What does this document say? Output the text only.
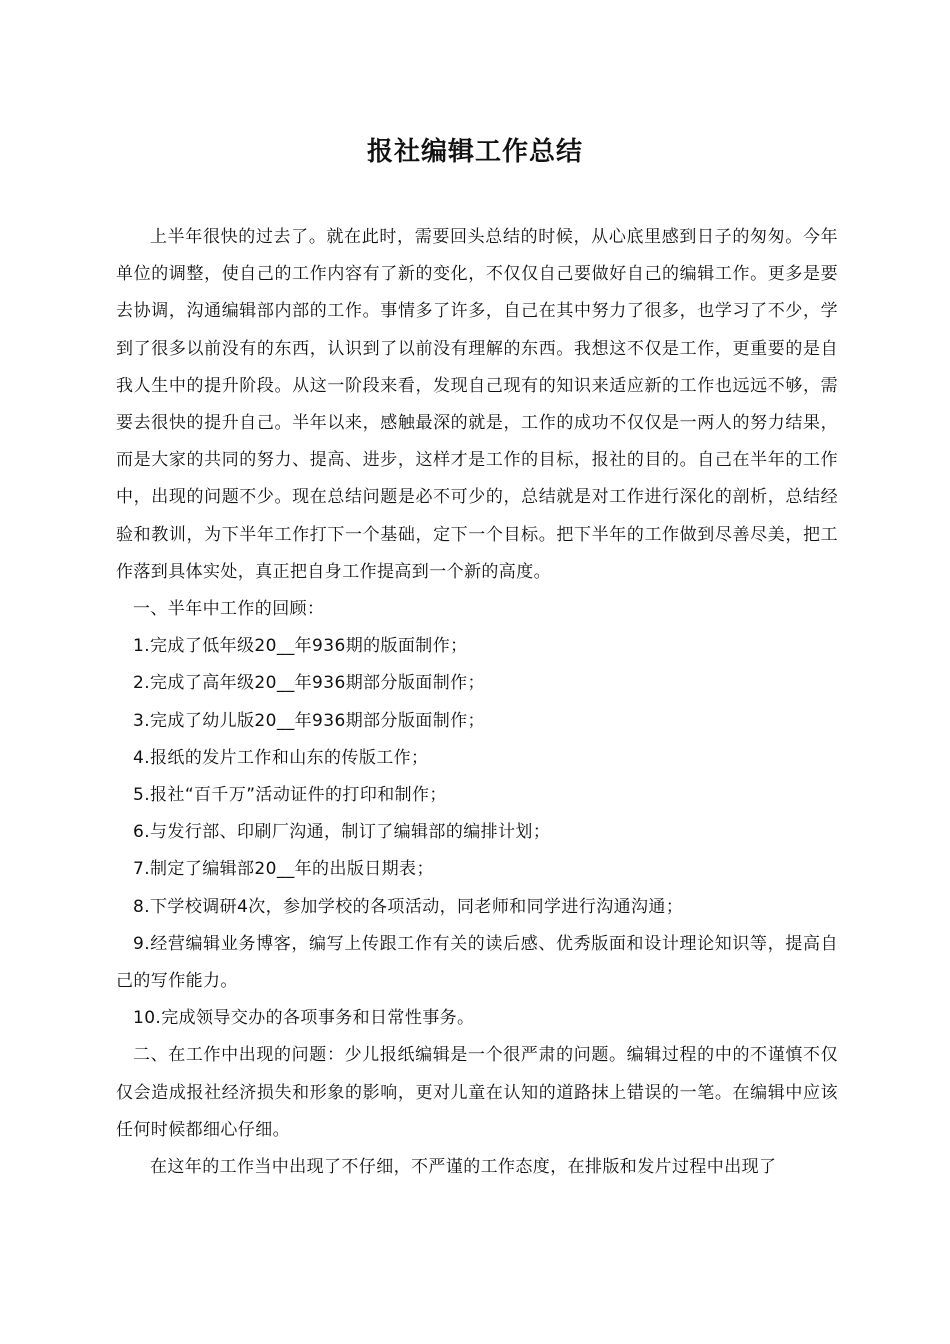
报社编辑工作总结

上半年很快的过去了。就在此时，需要回头总结的时候，从心底里感到日子的匆匆。今年单位的调整，使自己的工作内容有了新的变化，不仅仅自己要做好自己的编辑工作。更多是要去协调，沟通编辑部内部的工作。事情多了许多，自己在其中努力了很多，也学习了不少，学到了很多以前没有的东西，认识到了以前没有理解的东西。我想这不仅是工作，更重要的是自我人生中的提升阶段。从这一阶段来看，发现自己现有的知识来适应新的工作也远远不够，需要去很快的提升自己。半年以来，感触最深的就是，工作的成功不仅仅是一两人的努力结果，而是大家的共同的努力、提高、进步，这样才是工作的目标，报社的目的。自己在半年的工作中，出现的问题不少。现在总结问题是必不可少的，总结就是对工作进行深化的剖析，总结经验和教训，为下半年工作打下一个基础，定下一个目标。把下半年的工作做到尽善尽美，把工作落到具体实处，真正把自身工作提高到一个新的高度。

一、半年中工作的回顾：

1.完成了低年级20__年936期的版面制作；

2.完成了高年级20__年936期部分版面制作；

3.完成了幼儿版20__年936期部分版面制作；

4.报纸的发片工作和山东的传版工作；

5.报社“百千万”活动证件的打印和制作；

6.与发行部、印刷厂沟通，制订了编辑部的编排计划；

7.制定了编辑部20__年的出版日期表；

8.下学校调研4次，参加学校的各项活动，同老师和同学进行沟通沟通；

9.经营编辑业务博客，编写上传跟工作有关的读后感、优秀版面和设计理论知识等，提高自己的写作能力。

10.完成领导交办的各项事务和日常性事务。

二、在工作中出现的问题：少儿报纸编辑是一个很严肃的问题。编辑过程的中的不谨慎不仅仅会造成报社经济损失和形象的影响，更对儿童在认知的道路抹上错误的一笔。在编辑中应该任何时候都细心仔细。

在这年的工作当中出现了不仔细，不严谨的工作态度，在排版和发片过程中出现了
